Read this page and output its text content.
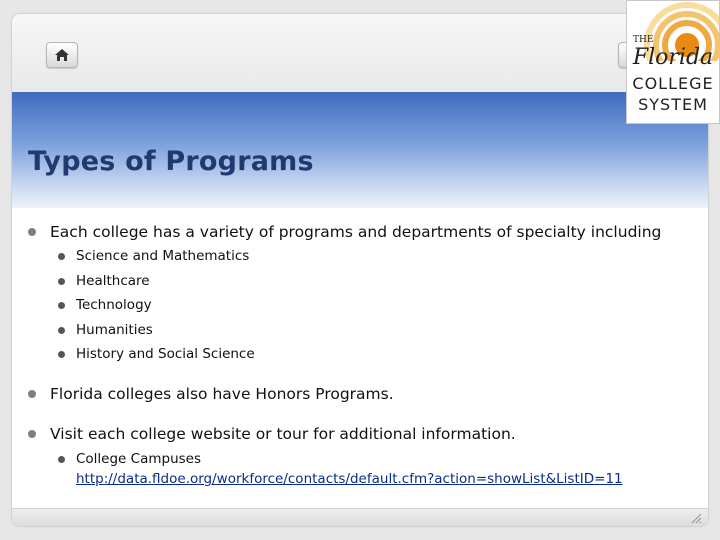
Types of Programs
Each college has a variety of programs and departments of specialty including
Science and Mathematics
Healthcare
Technology
Humanities
History and Social Science
Florida colleges also have Honors Programs.
Visit each college website or tour for additional information.
College Campuses
http://data.fldoe.org/workforce/contacts/default.cfm?action=showList&ListID=11
THE
Florida
COLLEGE
SYSTEM
